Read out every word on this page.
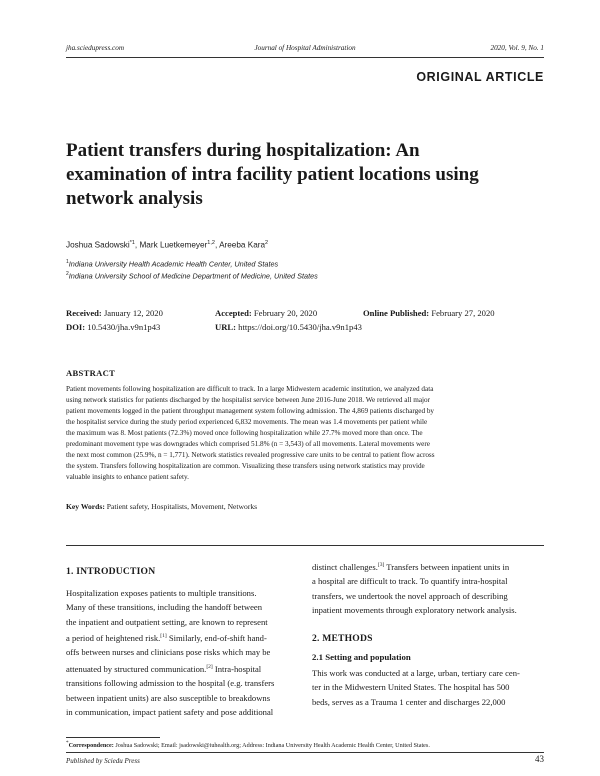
jha.sciedupress.com	Journal of Hospital Administration	2020, Vol. 9, No. 1
ORIGINAL ARTICLE
Patient transfers during hospitalization: An
examination of intra facility patient locations using
network analysis
Joshua Sadowski$^{*1}$, Mark Luetkemeyer$^{1,2}$, Areeba Kara$^2$
$^1$Indiana University Health Academic Health Center, United States
$^2$Indiana University School of Medicine Department of Medicine, United States
Received: January 12, 2020	Accepted: February 20, 2020	Online Published: February 27, 2020
DOI: 10.5430/jha.v9n1p43	URL: https://doi.org/10.5430/jha.v9n1p43
ABSTRACT
Patient movements following hospitalization are difficult to track. In a large Midwestern academic institution, we analyzed data
using network statistics for patients discharged by the hospitalist service between June 2016-June 2018. We retrieved all major
patient movements logged in the patient throughput management system following admission. The 4,869 patients discharged by
the hospitalist service during the study period experienced 6,832 movements. The mean was 1.4 movements per patient while
the maximum was 8. Most patients (72.3%) moved once following hospitalization while 27.7% moved more than once. The
predominant movement type was downgrades which comprised 51.8% (n = 3,543) of all movements. Lateral movements were
the next most common (25.9%, n = 1,771). Network statistics revealed progressive care units to be central to patient flow across
the system. Transfers following hospitalization are common. Visualizing these transfers using network statistics may provide
valuable insights to enhance patient safety.
Key Words: Patient safety, Hospitalists, Movement, Networks
1. INTRODUCTION
Hospitalization exposes patients to multiple transitions.
Many of these transitions, including the handoff between
the inpatient and outpatient setting, are known to represent
a period of heightened risk.[1] Similarly, end-of-shift hand-
offs between nurses and clinicians pose risks which may be
attenuated by structured communication.[2] Intra-hospital
transitions following admission to the hospital (e.g. transfers
between inpatient units) are also susceptible to breakdowns
in communication, impact patient safety and pose additional
distinct challenges.[3] Transfers between inpatient units in
a hospital are difficult to track. To quantify intra-hospital
transfers, we undertook the novel approach of describing
inpatient movements through exploratory network analysis.
2. METHODS
2.1 Setting and population
This work was conducted at a large, urban, tertiary care cen-
ter in the Midwestern United States. The hospital has 500
beds, serves as a Trauma 1 center and discharges 22,000
*Correspondence: Joshua Sadowski; Email: jsadowski@iuhealth.org; Address: Indiana University Health Academic Health Center, United States.
Published by Sciedu Press	43
